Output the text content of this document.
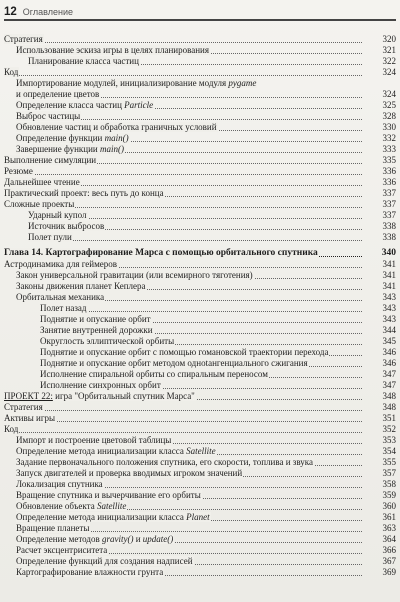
12 Оглавление
Стратегия	320
Использование эскиза игры в целях планирования	321
Планирование класса частиц	322
Код	324
Импортирование модулей, инициализирование модуля pygame
и определение цветов	324
Определение класса частиц Particle	325
Выброс частицы	328
Обновление частиц и обработка граничных условий	330
Определение функции main()	332
Завершение функции main()	333
Выполнение симуляции	335
Резюме	336
Дальнейшее чтение	336
Практический проект: весь путь до конца	337
Сложные проекты	337
Ударный купол	337
Источник выбросов	338
Полет пули	338
Глава 14. Картографирование Марса с помощью орбитального спутника	340
Астродинамика для геймеров	341
Закон универсальной гравитации (или всемирного тяготения)	341
Законы движения планет Кеплера	341
Орбитальная механика	343
Полет назад	343
Поднятие и опускание орбит	343
Занятие внутренней дорожки	344
Округлость эллиптической орбиты	345
Поднятие и опускание орбит с помощью гомановской траектории перехода	346
Поднятие и опускание орбит методом одноtангенциального сжигания	346
Исполнение спиральной орбиты со спиральным переносом	347
Исполнение синхронных орбит	347
ПРОЕКТ 22: игра "Орбитальный спутник Марса"	348
Стратегия	348
Активы игры	351
Код	352
Импорт и построение цветовой таблицы	353
Определение метода инициализации класса Satellite	354
Задание первоначального положения спутника, его скорости, топлива и звука	355
Запуск двигателей и проверка вводимых игроком значений	357
Локализация спутника	358
Вращение спутника и вычерчивание его орбиты	359
Обновление объекта Satellite	360
Определение метода инициализации класса Planet	361
Вращение планеты	363
Определение методов gravity() и update()	364
Расчет эксцентриситета	366
Определение функций для создания надписей	367
Картографирование влажности грунта	369
